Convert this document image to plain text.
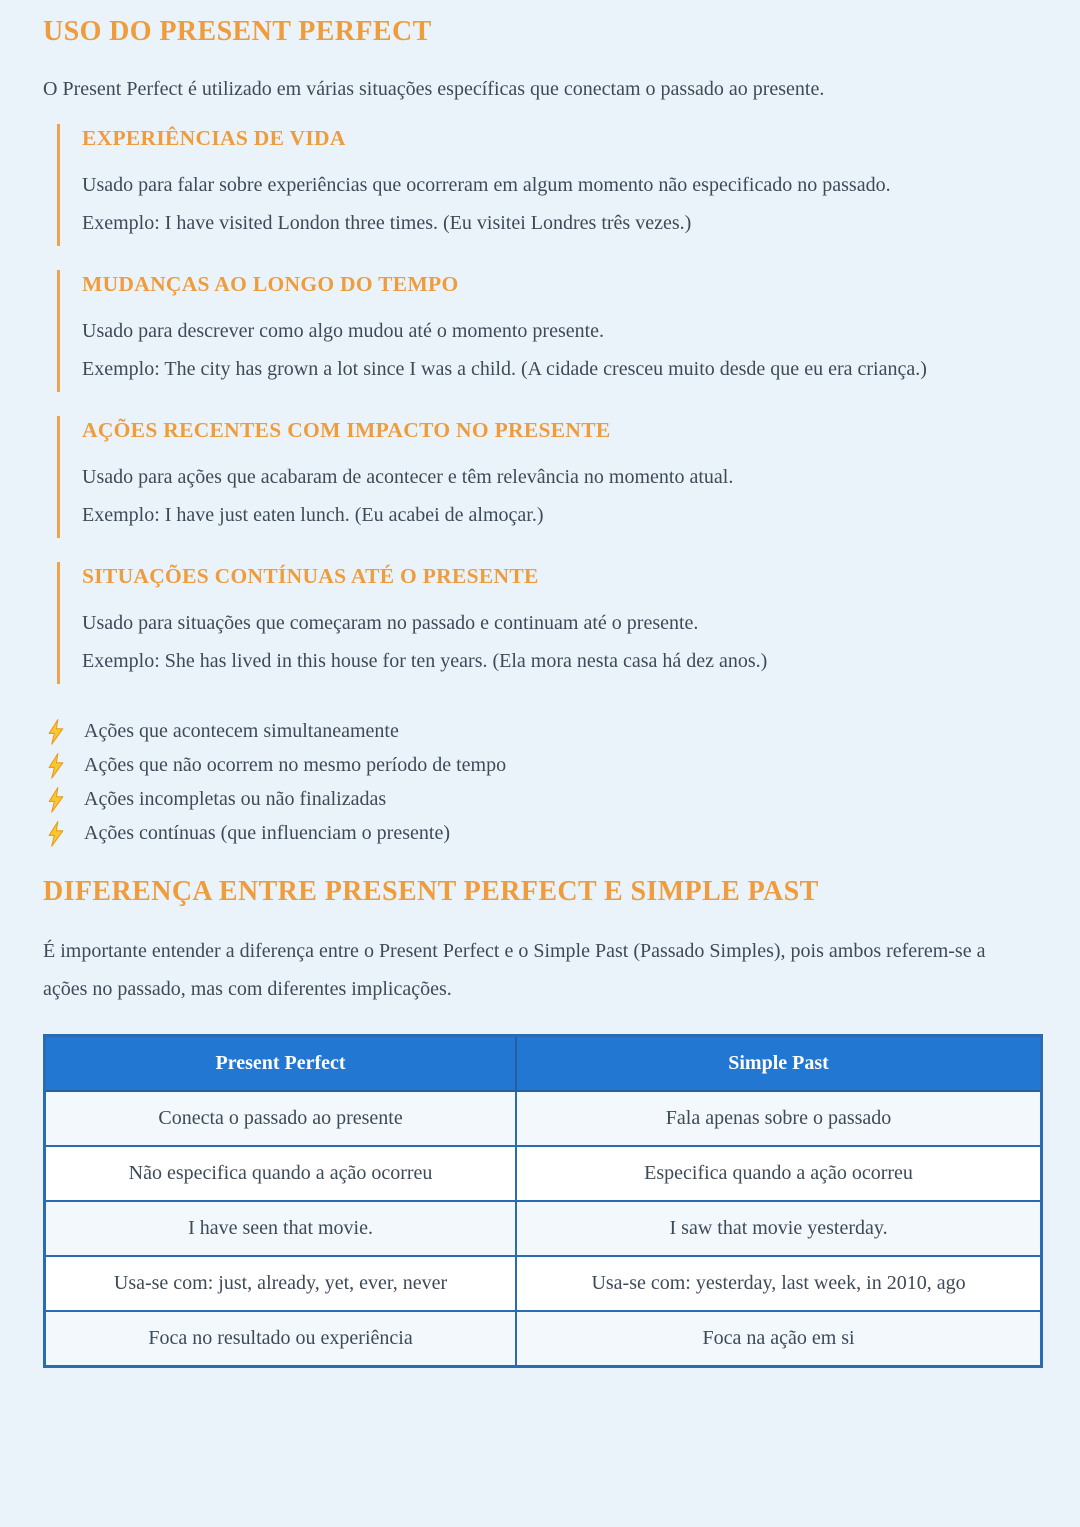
USO DO PRESENT PERFECT

O Present Perfect é utilizado em várias situações específicas que conectam o passado ao presente.

EXPERIÊNCIAS DE VIDA
Usado para falar sobre experiências que ocorreram em algum momento não especificado no passado.
Exemplo: I have visited London three times. (Eu visitei Londres três vezes.)
MUDANÇAS AO LONGO DO TEMPO
Usado para descrever como algo mudou até o momento presente.
Exemplo: The city has grown a lot since I was a child. (A cidade cresceu muito desde que eu era criança.)
AÇÕES RECENTES COM IMPACTO NO PRESENTE
Usado para ações que acabaram de acontecer e têm relevância no momento atual.
Exemplo: I have just eaten lunch. (Eu acabei de almoçar.)
SITUAÇÕES CONTÍNUAS ATÉ O PRESENTE
Usado para situações que começaram no passado e continuam até o presente.
Exemplo: She has lived in this house for ten years. (Ela mora nesta casa há dez anos.)
Ações que acontecem simultaneamente
Ações que não ocorrem no mesmo período de tempo
Ações incompletas ou não finalizadas
Ações contínuas (que influenciam o presente)
DIFERENÇA ENTRE PRESENT PERFECT E SIMPLE PAST

É importante entender a diferença entre o Present Perfect e o Simple Past (Passado Simples), pois ambos referem-se a ações no passado, mas com diferentes implicações.

Present Perfect	Simple Past
Conecta o passado ao presente	Fala apenas sobre o passado
Não especifica quando a ação ocorreu	Especifica quando a ação ocorreu
I have seen that movie.	I saw that movie yesterday.
Usa-se com: just, already, yet, ever, never	Usa-se com: yesterday, last week, in 2010, ago
Foca no resultado ou experiência	Foca na ação em si
